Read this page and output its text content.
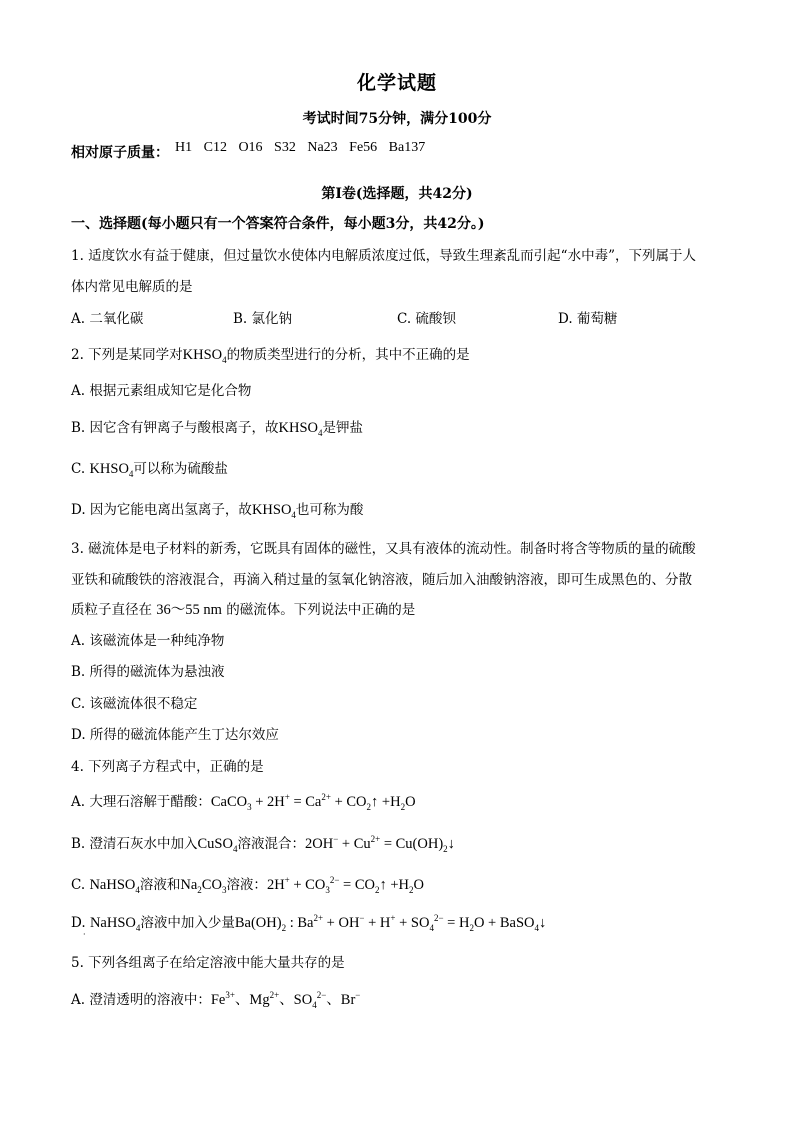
化学试题
考试时间75分钟，满分100分
相对原子质量： H1 C12 O16 S32 Na23 Fe56 Ba137
第I卷(选择题，共42分)
一、选择题(每小题只有一个答案符合条件，每小题3分，共42分。)
1. 适度饮水有益于健康，但过量饮水使体内电解质浓度过低，导致生理紊乱而引起“水中毒”，下列属于人
体内常见电解质的是
A. 二氧化碳	B. 氯化钠	C. 硫酸钡	D. 葡萄糖
2. 下列是某同学对$KHSO_4$的物质类型进行的分析，其中不正确的是
A. 根据元素组成知它是化合物
B. 因它含有钾离子与酸根离子，故$KHSO_4$是钾盐
C. $KHSO_4$可以称为硫酸盐
D. 因为它能电离出氢离子，故$KHSO_4$也可称为酸
3. 磁流体是电子材料的新秀，它既具有固体的磁性，又具有液体的流动性。制备时将含等物质的量的硫酸
亚铁和硫酸铁的溶液混合，再滴入稍过量的氢氧化钠溶液，随后加入油酸钠溶液，即可生成黑色的、分散
质粒子直径在 36～55 nm 的磁流体。下列说法中正确的是
A. 该磁流体是一种纯净物
B. 所得的磁流体为悬浊液
C. 该磁流体很不稳定
D. 所得的磁流体能产生丁达尔效应
4. 下列离子方程式中，正确的是
A. 大理石溶解于醋酸：CaCO$_3$ + $2H^+ = Ca^{2+}$ + $CO_2↑ +H_2O$
B. 澄清石灰水中加入CuSO$_4$溶液混合：$2OH^- + Cu^{2+}$ = $Cu(OH)_2↓$
C. NaHSO$_4$溶液和$Na_2CO_3$溶液：$2H^+ + CO_3^{2-}$ = $CO_2↑ +H_2O$
D. NaHSO$_4$溶液中加入少量$Ba(OH)_2$ : $Ba^{2+} + OH^- + H^+ + SO_4^{2-} = H_2O$ + BaSO$_4$↓
·
5. 下列各组离子在给定溶液中能大量共存的是
A. 澄清透明的溶液中：$Fe^{3+}$、$Mg^{2+}$、$SO_4^{2-}$、Br−
